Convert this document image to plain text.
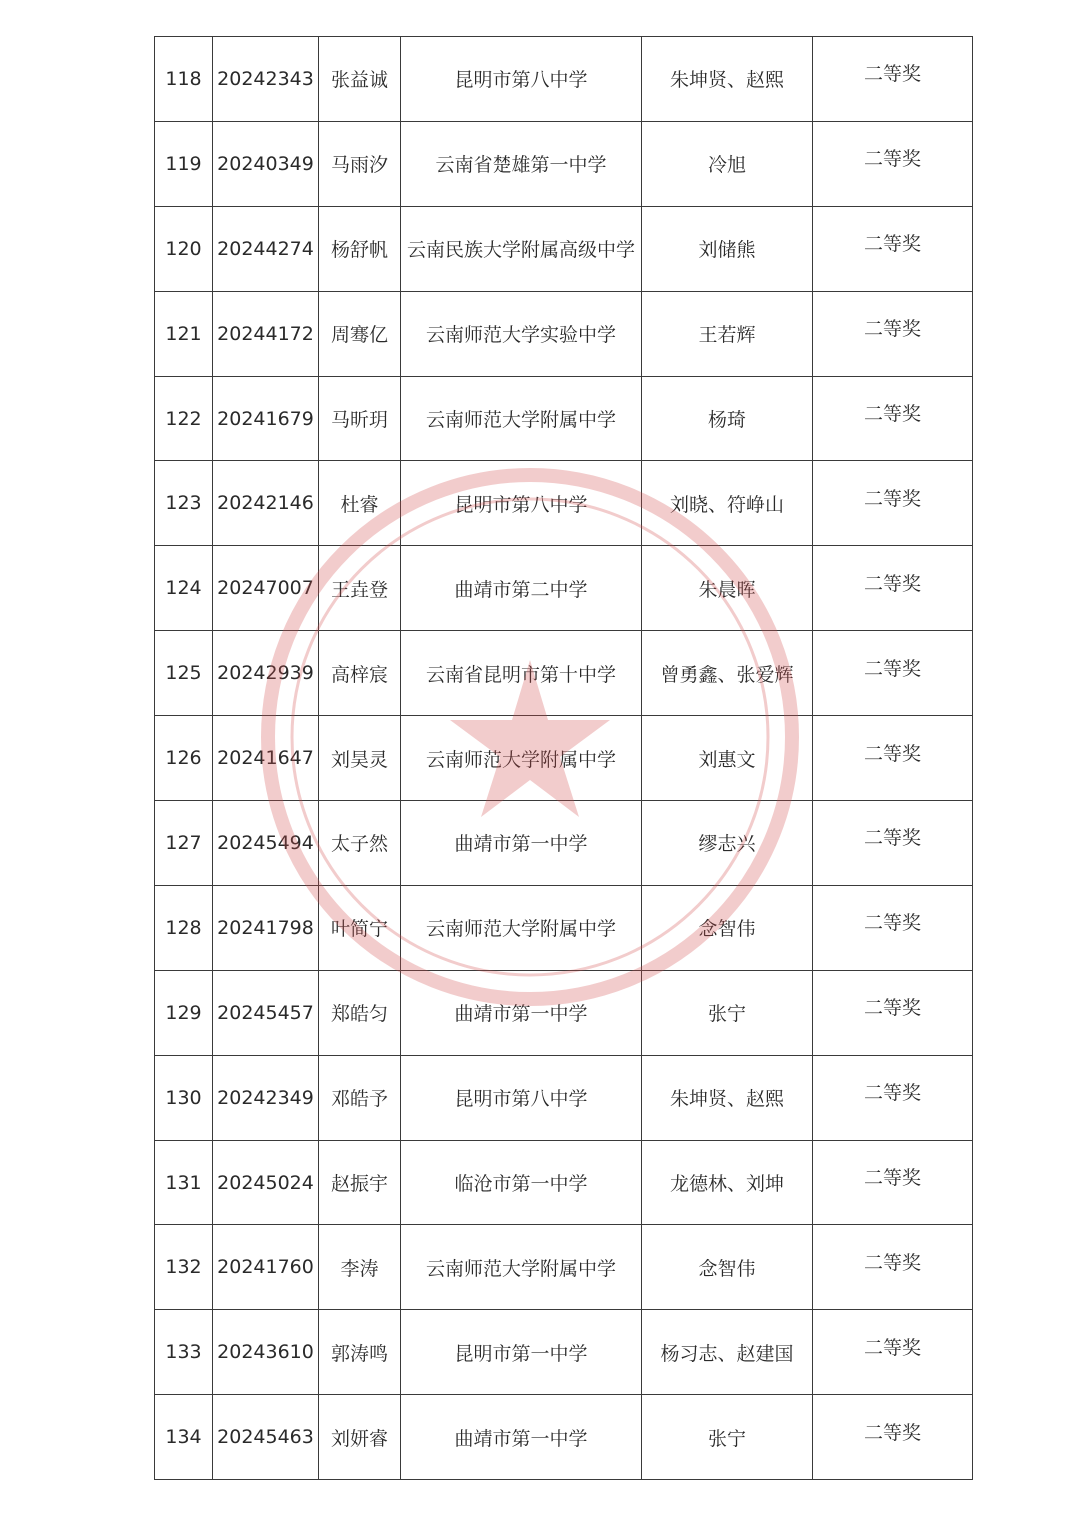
118	20242343	张益诚	昆明市第八中学	朱坤贤、赵熙	二等奖
119	20240349	马雨汐	云南省楚雄第一中学	冷旭	二等奖
120	20244274	杨舒帆	云南民族大学附属高级中学	刘储熊	二等奖
121	20244172	周骞亿	云南师范大学实验中学	王若辉	二等奖
122	20241679	马昕玥	云南师范大学附属中学	杨琦	二等奖
123	20242146	杜睿	昆明市第八中学	刘晓、符峥山	二等奖
124	20247007	王垚登	曲靖市第二中学	朱晨晖	二等奖
125	20242939	高梓宸	云南省昆明市第十中学	曾勇鑫、张爱辉	二等奖
126	20241647	刘昊灵	云南师范大学附属中学	刘惠文	二等奖
127	20245494	太子然	曲靖市第一中学	缪志兴	二等奖
128	20241798	叶简宁	云南师范大学附属中学	念智伟	二等奖
129	20245457	郑皓匀	曲靖市第一中学	张宁	二等奖
130	20242349	邓皓予	昆明市第八中学	朱坤贤、赵熙	二等奖
131	20245024	赵振宇	临沧市第一中学	龙德林、刘坤	二等奖
132	20241760	李涛	云南师范大学附属中学	念智伟	二等奖
133	20243610	郭涛鸣	昆明市第一中学	杨习志、赵建国	二等奖
134	20245463	刘妍睿	曲靖市第一中学	张宁	二等奖
